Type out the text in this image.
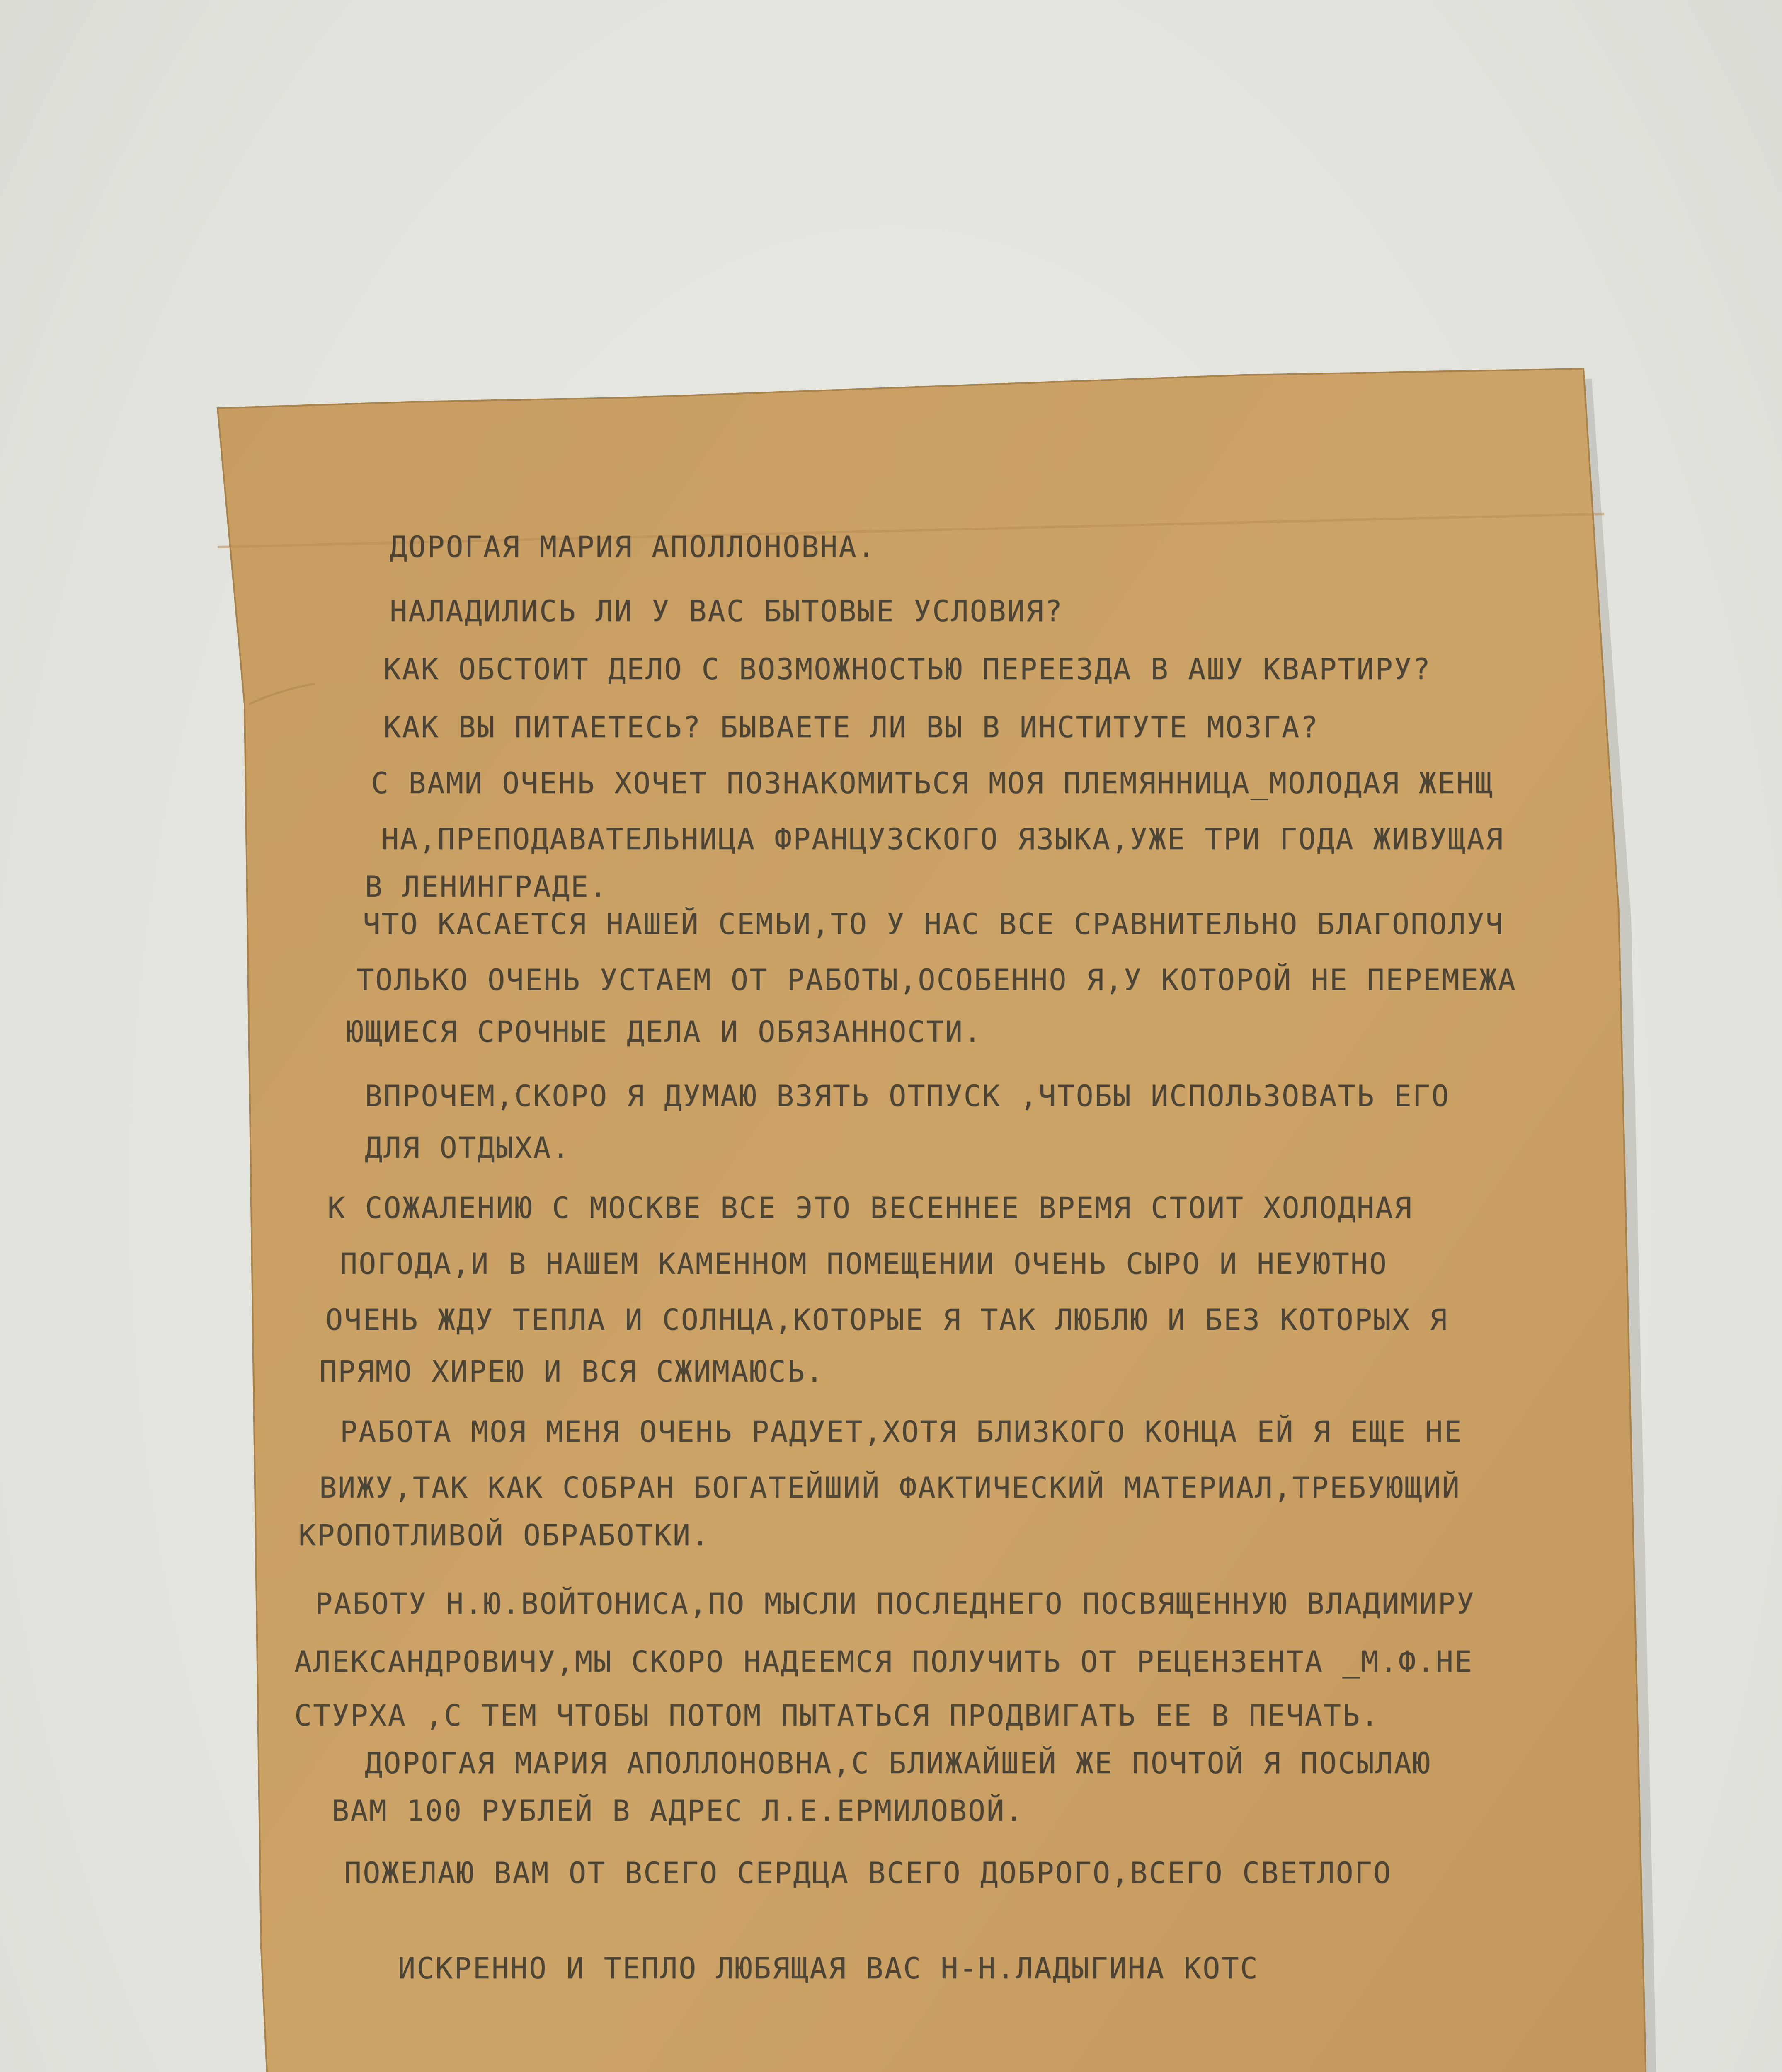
ДОРОГАЯ МАРИЯ АПОЛЛОНОВНА.
НАЛАДИЛИСЬ ЛИ У ВАС БЫТОВЫЕ УСЛОВИЯ?
КАК ОБСТОИТ ДЕЛО С ВОЗМОЖНОСТЬЮ ПЕРЕЕЗДА В АШУ КВАРТИРУ?
КАК ВЫ ПИТАЕТЕСЬ? БЫВАЕТЕ ЛИ ВЫ В ИНСТИТУТЕ МОЗГА?
С ВАМИ ОЧЕНЬ ХОЧЕТ ПОЗНАКОМИТЬСЯ МОЯ ПЛЕМЯННИЦА_МОЛОДАЯ ЖЕНЩ
НА,ПРЕПОДАВАТЕЛЬНИЦА ФРАНЦУЗСКОГО ЯЗЫКА,УЖЕ ТРИ ГОДА ЖИВУЩАЯ
В ЛЕНИНГРАДЕ.
ЧТО КАСАЕТСЯ НАШЕЙ СЕМЬИ,ТО У НАС ВСЕ СРАВНИТЕЛЬНО БЛАГОПОЛУЧ
ТОЛЬКО ОЧЕНЬ УСТАЕМ ОТ РАБОТЫ,ОСОБЕННО Я,У КОТОРОЙ НЕ ПЕРЕМЕЖА
ЮЩИЕСЯ СРОЧНЫЕ ДЕЛА И ОБЯЗАННОСТИ.
ВПРОЧЕМ,СКОРО Я ДУМАЮ ВЗЯТЬ ОТПУСК ,ЧТОБЫ ИСПОЛЬЗОВАТЬ ЕГО
ДЛЯ ОТДЫХА.
К СОЖАЛЕНИЮ С МОСКВЕ ВСЕ ЭТО ВЕСЕННЕЕ ВРЕМЯ СТОИТ ХОЛОДНАЯ
ПОГОДА,И В НАШЕМ КАМЕННОМ ПОМЕЩЕНИИ ОЧЕНЬ СЫРО И НЕУЮТНО
ОЧЕНЬ ЖДУ ТЕПЛА И СОЛНЦА,КОТОРЫЕ Я ТАК ЛЮБЛЮ И БЕЗ КОТОРЫХ Я
ПРЯМО ХИРЕЮ И ВСЯ СЖИМАЮСЬ.
РАБОТА МОЯ МЕНЯ ОЧЕНЬ РАДУЕТ,ХОТЯ БЛИЗКОГО КОНЦА ЕЙ Я ЕЩЕ НЕ
ВИЖУ,ТАК КАК СОБРАН БОГАТЕЙШИЙ ФАКТИЧЕСКИЙ МАТЕРИАЛ,ТРЕБУЮЩИЙ
КРОПОТЛИВОЙ ОБРАБОТКИ.
РАБОТУ Н.Ю.ВОЙТОНИСА,ПО МЫСЛИ ПОСЛЕДНЕГО ПОСВЯЩЕННУЮ ВЛАДИМИРУ
АЛЕКСАНДРОВИЧУ,МЫ СКОРО НАДЕЕМСЯ ПОЛУЧИТЬ ОТ РЕЦЕНЗЕНТА _М.Ф.НЕ
СТУРХА ,С ТЕМ ЧТОБЫ ПОТОМ ПЫТАТЬСЯ ПРОДВИГАТЬ ЕЕ В ПЕЧАТЬ.
ДОРОГАЯ МАРИЯ АПОЛЛОНОВНА,С БЛИЖАЙШЕЙ ЖЕ ПОЧТОЙ Я ПОСЫЛАЮ
ВАМ 100 РУБЛЕЙ В АДРЕС Л.Е.ЕРМИЛОВОЙ.
ПОЖЕЛАЮ ВАМ ОТ ВСЕГО СЕРДЦА ВСЕГО ДОБРОГО,ВСЕГО СВЕТЛОГО
ИСКРЕННО И ТЕПЛО ЛЮБЯЩАЯ ВАС Н-Н.ЛАДЫГИНА КОТС
